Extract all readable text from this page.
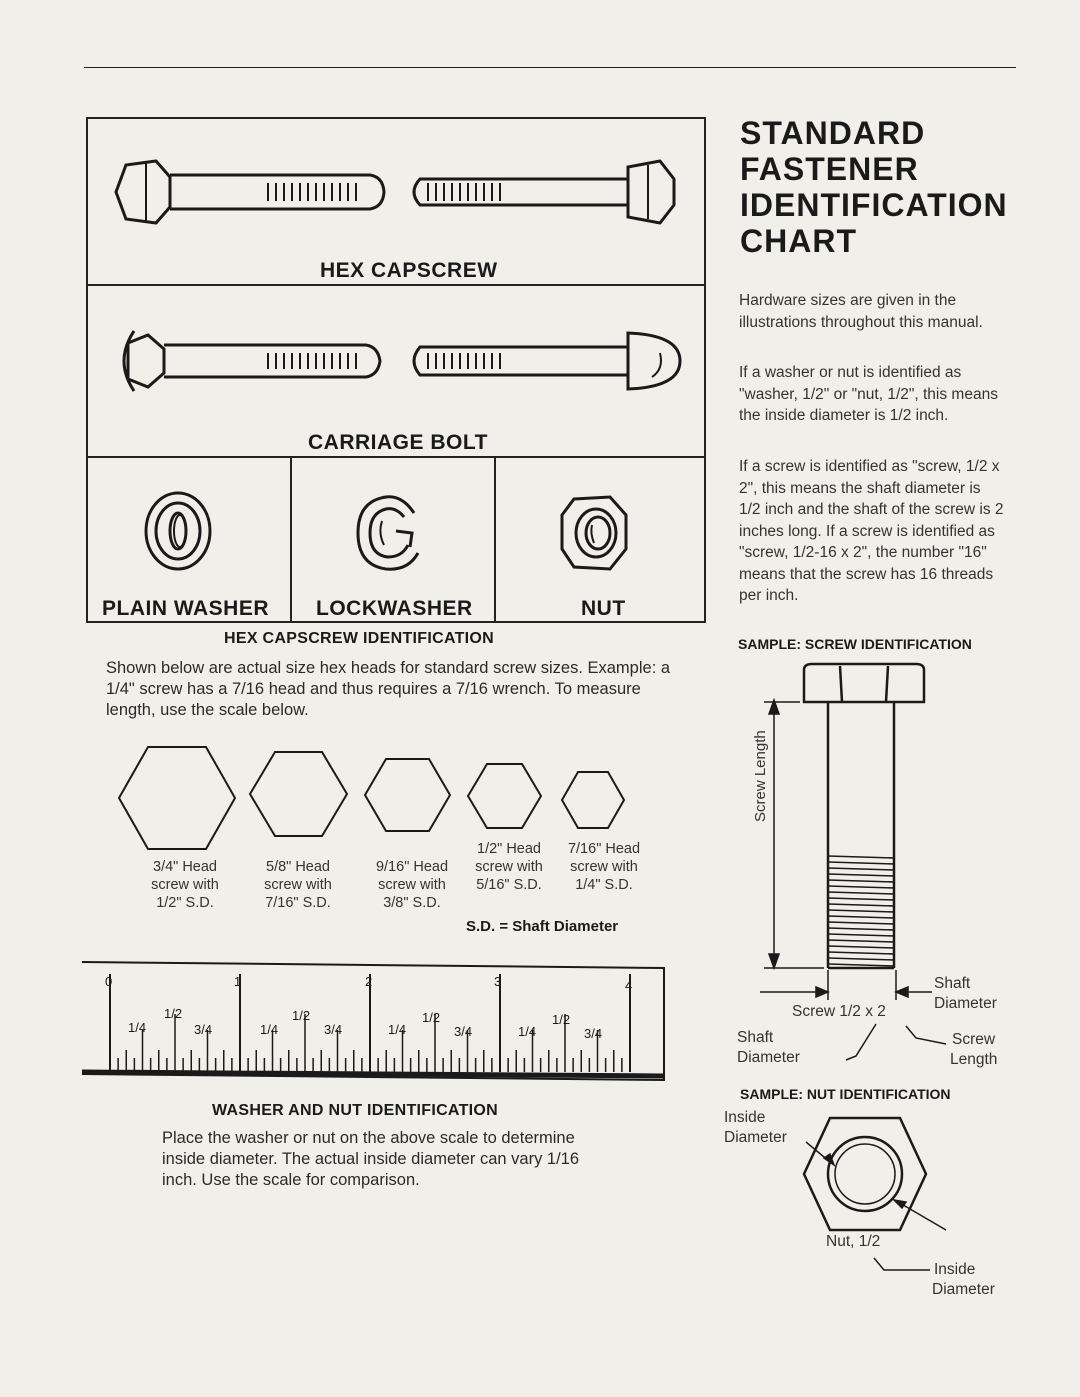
HEX CAPSCREW
CARRIAGE BOLT
PLAIN WASHER LOCKWASHER	NUT
STANDARD
FASTENER
IDENTIFICATION
CHART
Hardware sizes are given in the illustrations throughout this manual.
If a washer or nut is identified as "washer, 1/2" or "nut, 1/2", this means the inside diameter is 1/2 inch.
If a screw is identified as "screw, 1/2 x 2", this means the shaft diameter is 1/2 inch and the shaft of the screw is 2 inches long. If a screw is identified as "screw, 1/2-16 x 2", the number "16" means that the screw has 16 threads per inch.
HEX CAPSCREW IDENTIFICATION
Shown below are actual size hex heads for standard screw sizes. Example: a 1/4" screw has a 7/16 head and thus requires a 7/16 wrench. To measure length, use the scale below.
3/4" Head
screw with
1/2" S.D.
5/8" Head
screw with
7/16" S.D.
9/16" Head
screw with
3/8" S.D.
1/2" Head
screw with
5/16" S.D.
7/16" Head
screw with
1/4" S.D.
S.D. = Shaft Diameter
0	1	2	3	4
1/2	1/2	1/2	1/2
1/4	1/4	1/4	1/4
3/4	3/4	3/4	3/4
WASHER AND NUT IDENTIFICATION
Place the washer or nut on the above scale to determine inside diameter. The actual inside diameter can vary 1/16 inch. Use the scale for comparison.
SAMPLE: SCREW IDENTIFICATION
Screw Length
Shaft
Diameter
Screw 1/2 x 2
Shaft
Diameter
Screw
Length
SAMPLE: NUT IDENTIFICATION
Inside
Diameter
Nut, 1/2
Inside
Diameter
